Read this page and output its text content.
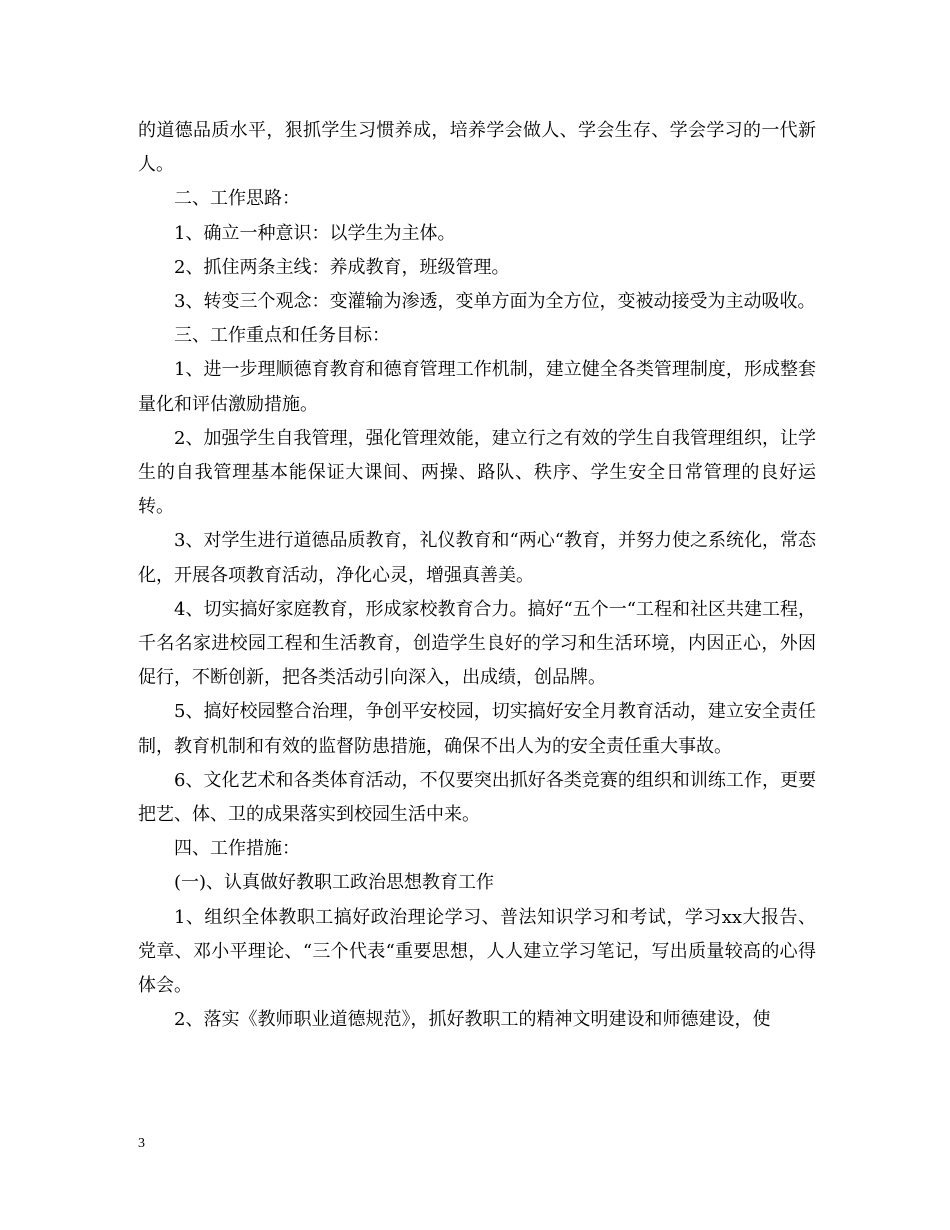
的道德品质水平，狠抓学生习惯养成，培养学会做人、学会生存、学会学习的一代新人。

二、工作思路：

1、确立一种意识：以学生为主体。

2、抓住两条主线：养成教育，班级管理。

3、转变三个观念：变灌输为渗透，变单方面为全方位，变被动接受为主动吸收。

三、工作重点和任务目标：

1、进一步理顺德育教育和德育管理工作机制，建立健全各类管理制度，形成整套量化和评估激励措施。

2、加强学生自我管理，强化管理效能，建立行之有效的学生自我管理组织，让学生的自我管理基本能保证大课间、两操、路队、秩序、学生安全日常管理的良好运转。

3、对学生进行道德品质教育，礼仪教育和“两心“教育，并努力使之系统化，常态化，开展各项教育活动，净化心灵，增强真善美。

4、切实搞好家庭教育，形成家校教育合力。搞好“五个一“工程和社区共建工程，千名名家进校园工程和生活教育，创造学生良好的学习和生活环境，内因正心，外因促行，不断创新，把各类活动引向深入，出成绩，创品牌。

5、搞好校园整合治理，争创平安校园，切实搞好安全月教育活动，建立安全责任制，教育机制和有效的监督防患措施，确保不出人为的安全责任重大事故。

6、文化艺术和各类体育活动，不仅要突出抓好各类竞赛的组织和训练工作，更要把艺、体、卫的成果落实到校园生活中来。

四、工作措施：

(一)、认真做好教职工政治思想教育工作

1、组织全体教职工搞好政治理论学习、普法知识学习和考试，学习xx大报告、党章、邓小平理论、“三个代表“重要思想，人人建立学习笔记，写出质量较高的心得体会。

2、落实《教师职业道德规范》，抓好教职工的精神文明建设和师德建设，使

3
